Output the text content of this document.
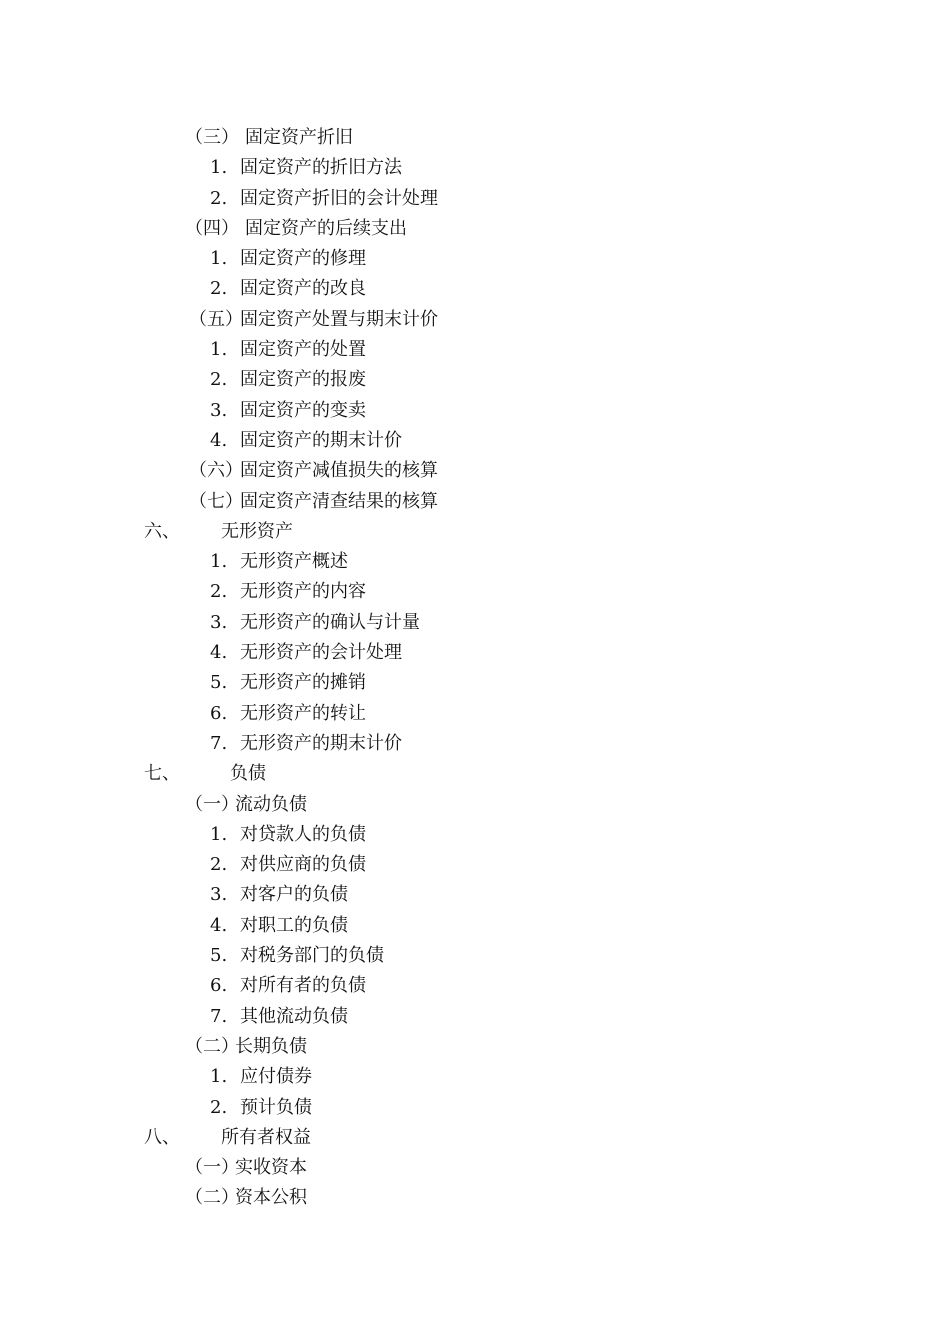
（三） 固定资产折旧
1. 固定资产的折旧方法
2. 固定资产折旧的会计处理
（四） 固定资产的后续支出
1. 固定资产的修理
2. 固定资产的改良
（五）
固定资产处置与期末计价
1. 固定资产的处置
2. 固定资产的报废
3. 固定资产的变卖
4. 固定资产的期末计价
（六）
固定资产减值损失的核算
（七）
固定资产清查结果的核算
六、 无形资产
1. 无形资产概述
2. 无形资产的内容
3. 无形资产的确认与计量
4. 无形资产的会计处理
5. 无形资产的摊销
6. 无形资产的转让
7. 无形资产的期末计价
七、	负债
（一）
流动负债
1. 对贷款人的负债
2. 对供应商的负债
3. 对客户的负债
4. 对职工的负债
5. 对税务部门的负债
6. 对所有者的负债
7. 其他流动负债
（二）
长期负债
1. 应付债券
2. 预计负债
八、 所有者权益
（一）
实收资本
（二）
资本公积
